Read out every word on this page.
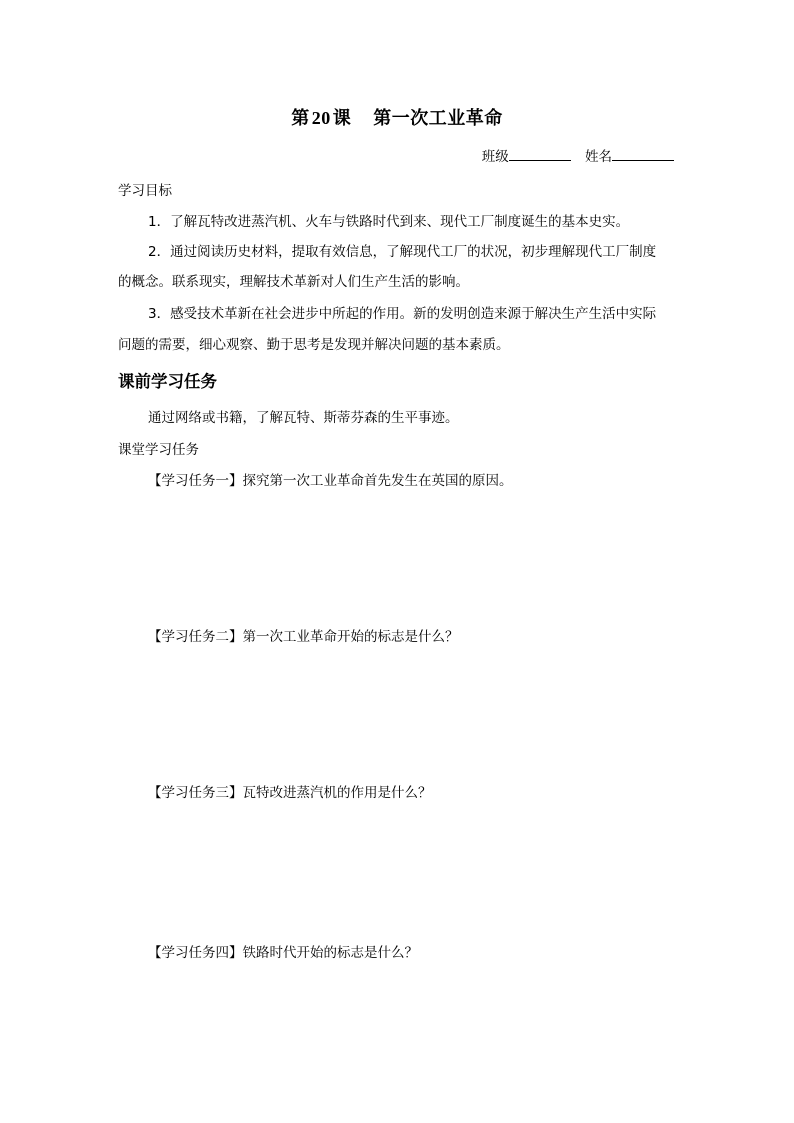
第 20 课 第一次工业革命
班级	姓名
学习目标
1．了解瓦特改进蒸汽机、火车与铁路时代到来、现代工厂制度诞生的基本史实。
2．通过阅读历史材料，提取有效信息，了解现代工厂的状况，初步理解现代工厂制度
的概念。联系现实，理解技术革新对人们生产生活的影响。
3．感受技术革新在社会进步中所起的作用。新的发明创造来源于解决生产生活中实际
问题的需要，细心观察、勤于思考是发现并解决问题的基本素质。
课前学习任务
通过网络或书籍，了解瓦特、斯蒂芬森的生平事迹。
课堂学习任务
【学习任务一】探究第一次工业革命首先发生在英国的原因。
【学习任务二】第一次工业革命开始的标志是什么？
【学习任务三】瓦特改进蒸汽机的作用是什么？
【学习任务四】铁路时代开始的标志是什么？
